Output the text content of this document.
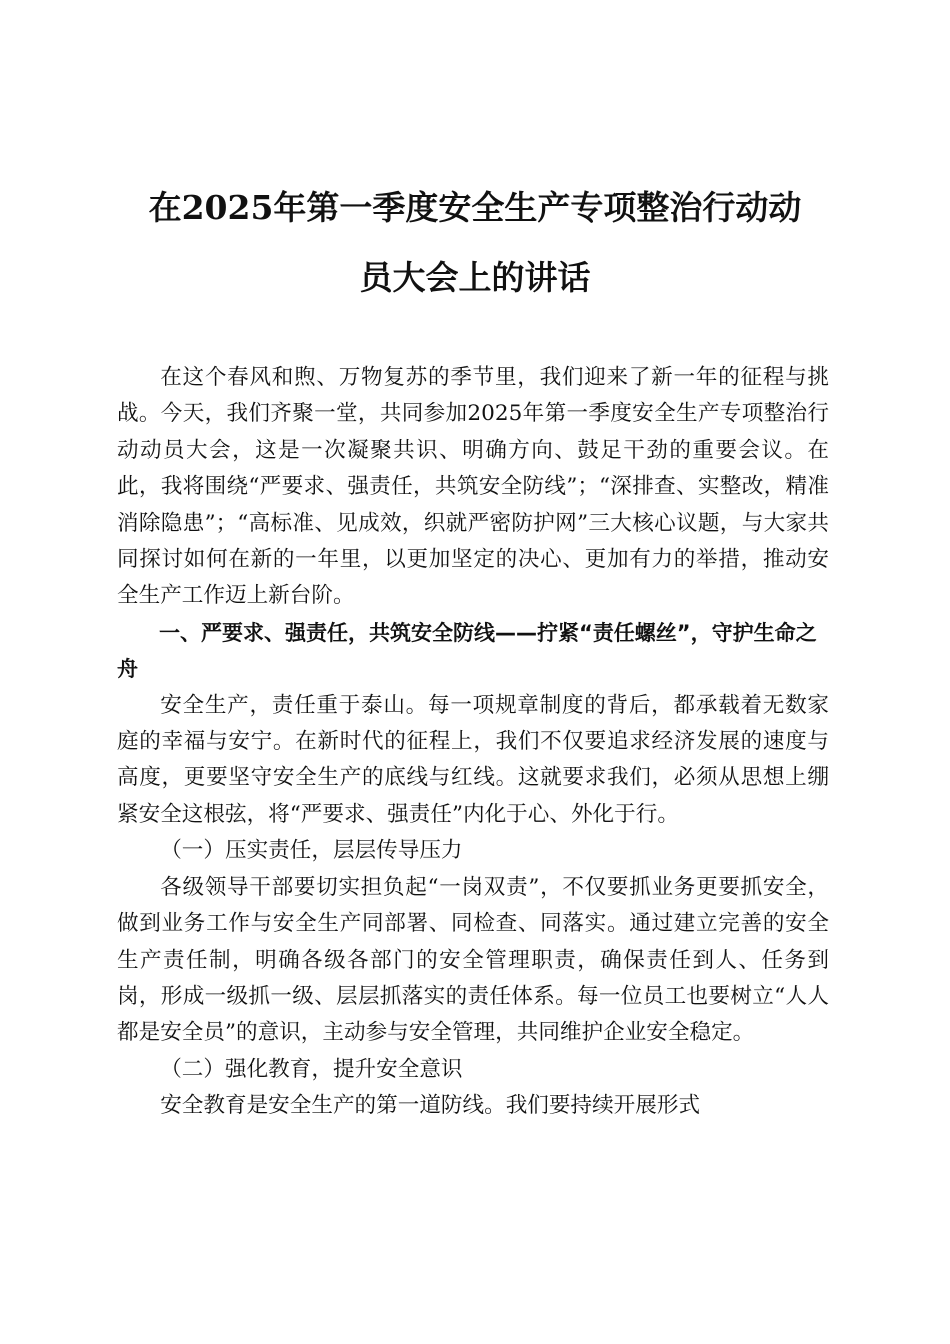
在2025年第一季度安全生产专项整治行动动
员大会上的讲话

在这个春风和煦、万物复苏的季节里，我们迎来了新一年的征程与挑战。今天，我们齐聚一堂，共同参加2025年第一季度安全生产专项整治行动动员大会，这是一次凝聚共识、明确方向、鼓足干劲的重要会议。在此，我将围绕“严要求、强责任，共筑安全防线”；“深排查、实整改，精准消除隐患”；“高标准、见成效，织就严密防护网”三大核心议题，与大家共同探讨如何在新的一年里，以更加坚定的决心、更加有力的举措，推动安全生产工作迈上新台阶。

一、严要求、强责任，共筑安全防线——拧紧“责任螺丝”，守护生命之舟

安全生产，责任重于泰山。每一项规章制度的背后，都承载着无数家庭的幸福与安宁。在新时代的征程上，我们不仅要追求经济发展的速度与高度，更要坚守安全生产的底线与红线。这就要求我们，必须从思想上绷紧安全这根弦，将“严要求、强责任”内化于心、外化于行。

（一）压实责任，层层传导压力

各级领导干部要切实担负起“一岗双责”，不仅要抓业务更要抓安全，做到业务工作与安全生产同部署、同检查、同落实。通过建立完善的安全生产责任制，明确各级各部门的安全管理职责，确保责任到人、任务到岗，形成一级抓一级、层层抓落实的责任体系。每一位员工也要树立“人人都是安全员”的意识，主动参与安全管理，共同维护企业安全稳定。

（二）强化教育，提升安全意识

安全教育是安全生产的第一道防线。我们要持续开展形式
